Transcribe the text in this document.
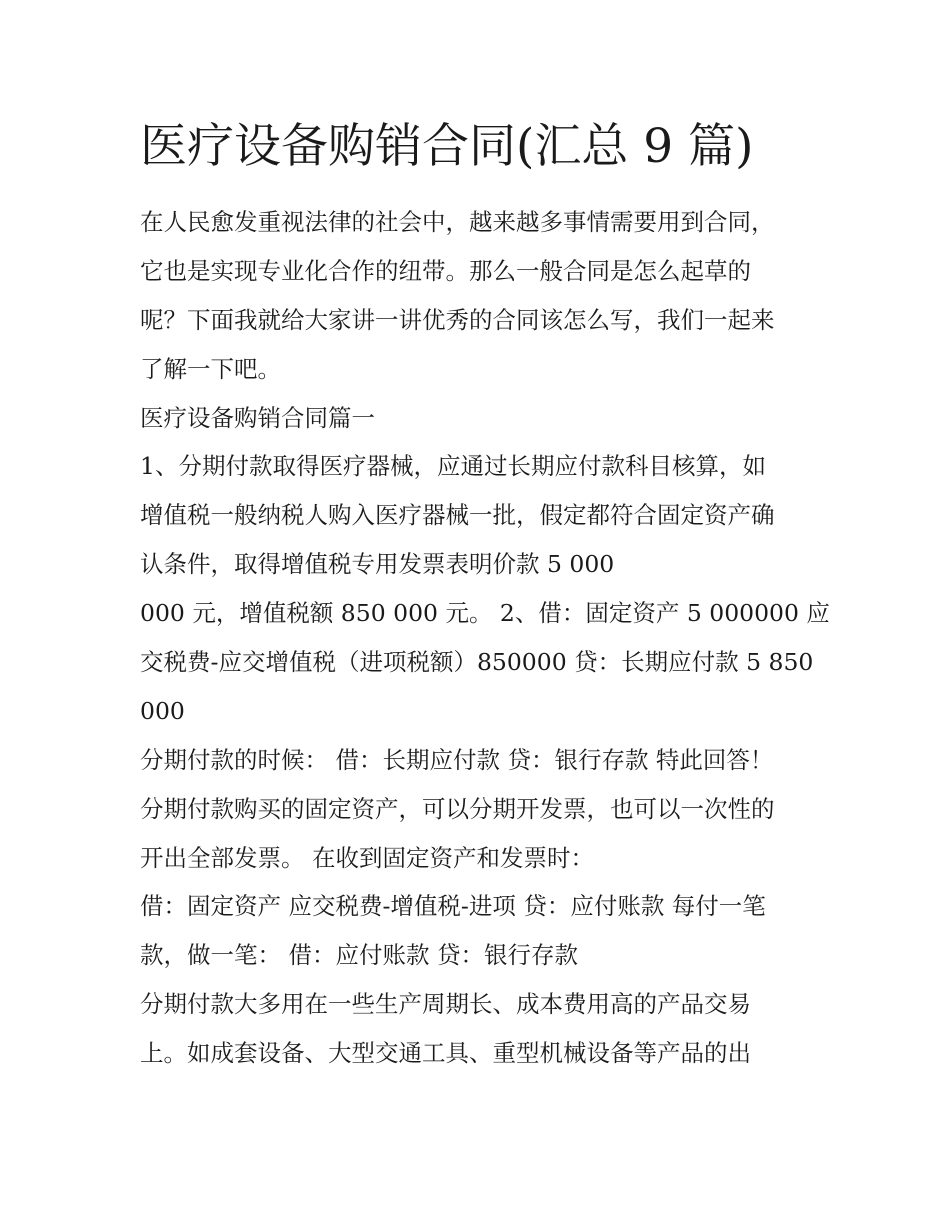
医疗设备购销合同(汇总 9 篇)
在人民愈发重视法律的社会中，越来越多事情需要用到合同，
它也是实现专业化合作的纽带。那么一般合同是怎么起草的
呢？下面我就给大家讲一讲优秀的合同该怎么写，我们一起来
了解一下吧。
医疗设备购销合同篇一
1、分期付款取得医疗器械，应通过长期应付款科目核算，如
增值税一般纳税人购入医疗器械一批，假定都符合固定资产确
认条件，取得增值税专用发票表明价款 5 000
000 元，增值税额 850 000 元。 2、借：固定资产 5 000000 应
交税费-应交增值税（进项税额）850000 贷：长期应付款 5 850
000
分期付款的时候： 借：长期应付款 贷：银行存款 特此回答！
分期付款购买的固定资产，可以分期开发票，也可以一次性的
开出全部发票。 在收到固定资产和发票时：
借：固定资产 应交税费-增值税-进项 贷：应付账款 每付一笔
款，做一笔： 借：应付账款 贷：银行存款
分期付款大多用在一些生产周期长、成本费用高的产品交易
上。如成套设备、大型交通工具、重型机械设备等产品的出
